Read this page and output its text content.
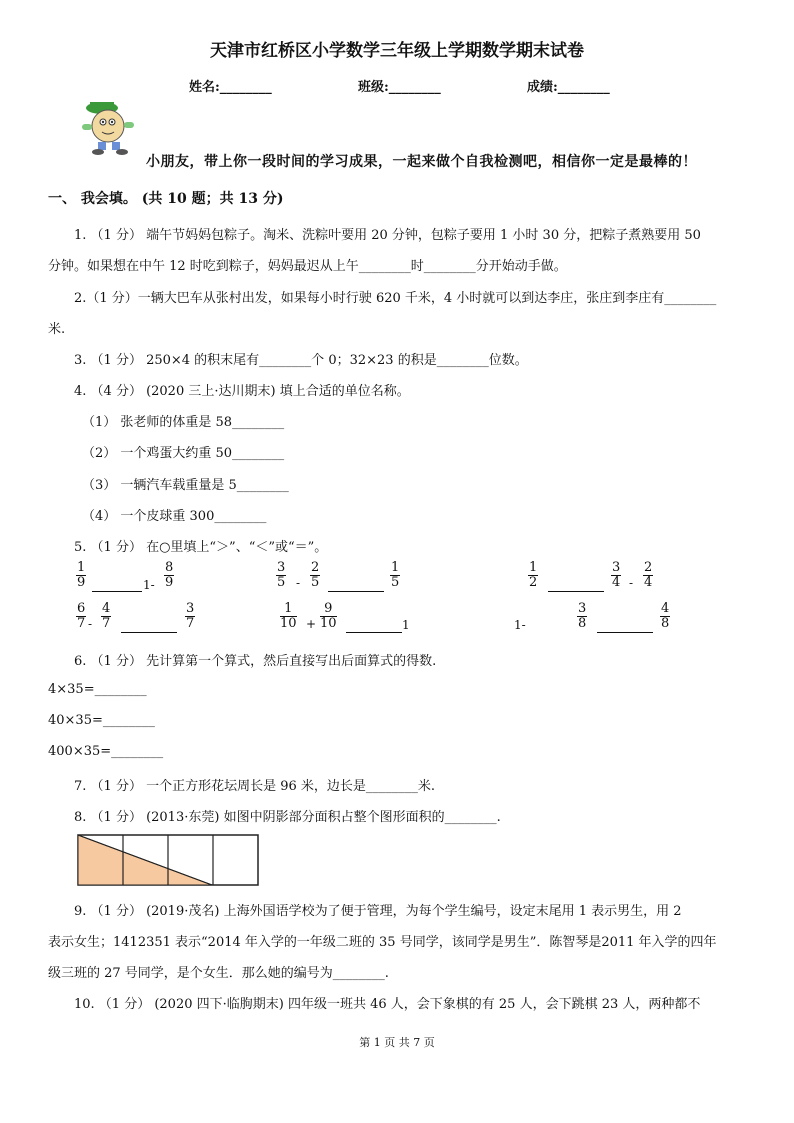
天津市红桥区小学数学三年级上学期数学期末试卷
姓名:________	班级:________	成绩:________
小朋友，带上你一段时间的学习成果，一起来做个自我检测吧，相信你一定是最棒的！
一、 我会填。 (共 10 题；共 13 分)
1. （1 分） 端午节妈妈包粽子。淘米、洗粽叶要用 20 分钟，包粽子要用 1 小时 30 分，把粽子煮熟要用 50
分钟。如果想在中午 12 时吃到粽子，妈妈最迟从上午________时________分开始动手做。
2.（1 分）一辆大巴车从张村出发，如果每小时行驶 620 千米，4 小时就可以到达李庄，张庄到李庄有________
米.
3. （1 分） 250×4 的积末尾有________个 0；32×23 的积是________位数。
4. （4 分） (2020 三上·达川期末) 填上合适的单位名称。
（1） 张老师的体重是 58________
（2） 一个鸡蛋大约重 50________
（3） 一辆汽车载重量是 5________
（4） 一个皮球重 300________
5. （1 分） 在○里填上“＞”、“＜”或“＝”。
$\frac{1}{9}$	$1- \frac{8}{9}$	$\frac{3}{5} - \frac{2}{5}$	$\frac{1}{5}$	$\frac{1}{2}$	$\frac{3}{4} - \frac{2}{4}$
$\frac{6}{7} - \frac{4}{7}$	$\frac{3}{7}$	$\frac{1}{10} + \frac{9}{10}$	1	1-	$\frac{3}{8}$	$\frac{4}{8}$
6. （1 分） 先计算第一个算式，然后直接写出后面算式的得数.
4×35=________
40×35=________
400×35=________
7. （1 分） 一个正方形花坛周长是 96 米，边长是________米.
8. （1 分） (2013·东莞) 如图中阴影部分面积占整个图形面积的________.
9. （1 分） (2019·茂名) 上海外国语学校为了便于管理，为每个学生编号，设定末尾用 1 表示男生，用 2
表示女生；1412351 表示“2014 年入学的一年级二班的 35 号同学，该同学是男生”．陈智琴是2011 年入学的四年
级三班的 27 号同学，是个女生．那么她的编号为________.
10. （1 分） (2020 四下·临朐期末) 四年级一班共 46 人，会下象棋的有 25 人，会下跳棋 23 人，两种都不
第 1 页 共 7 页
